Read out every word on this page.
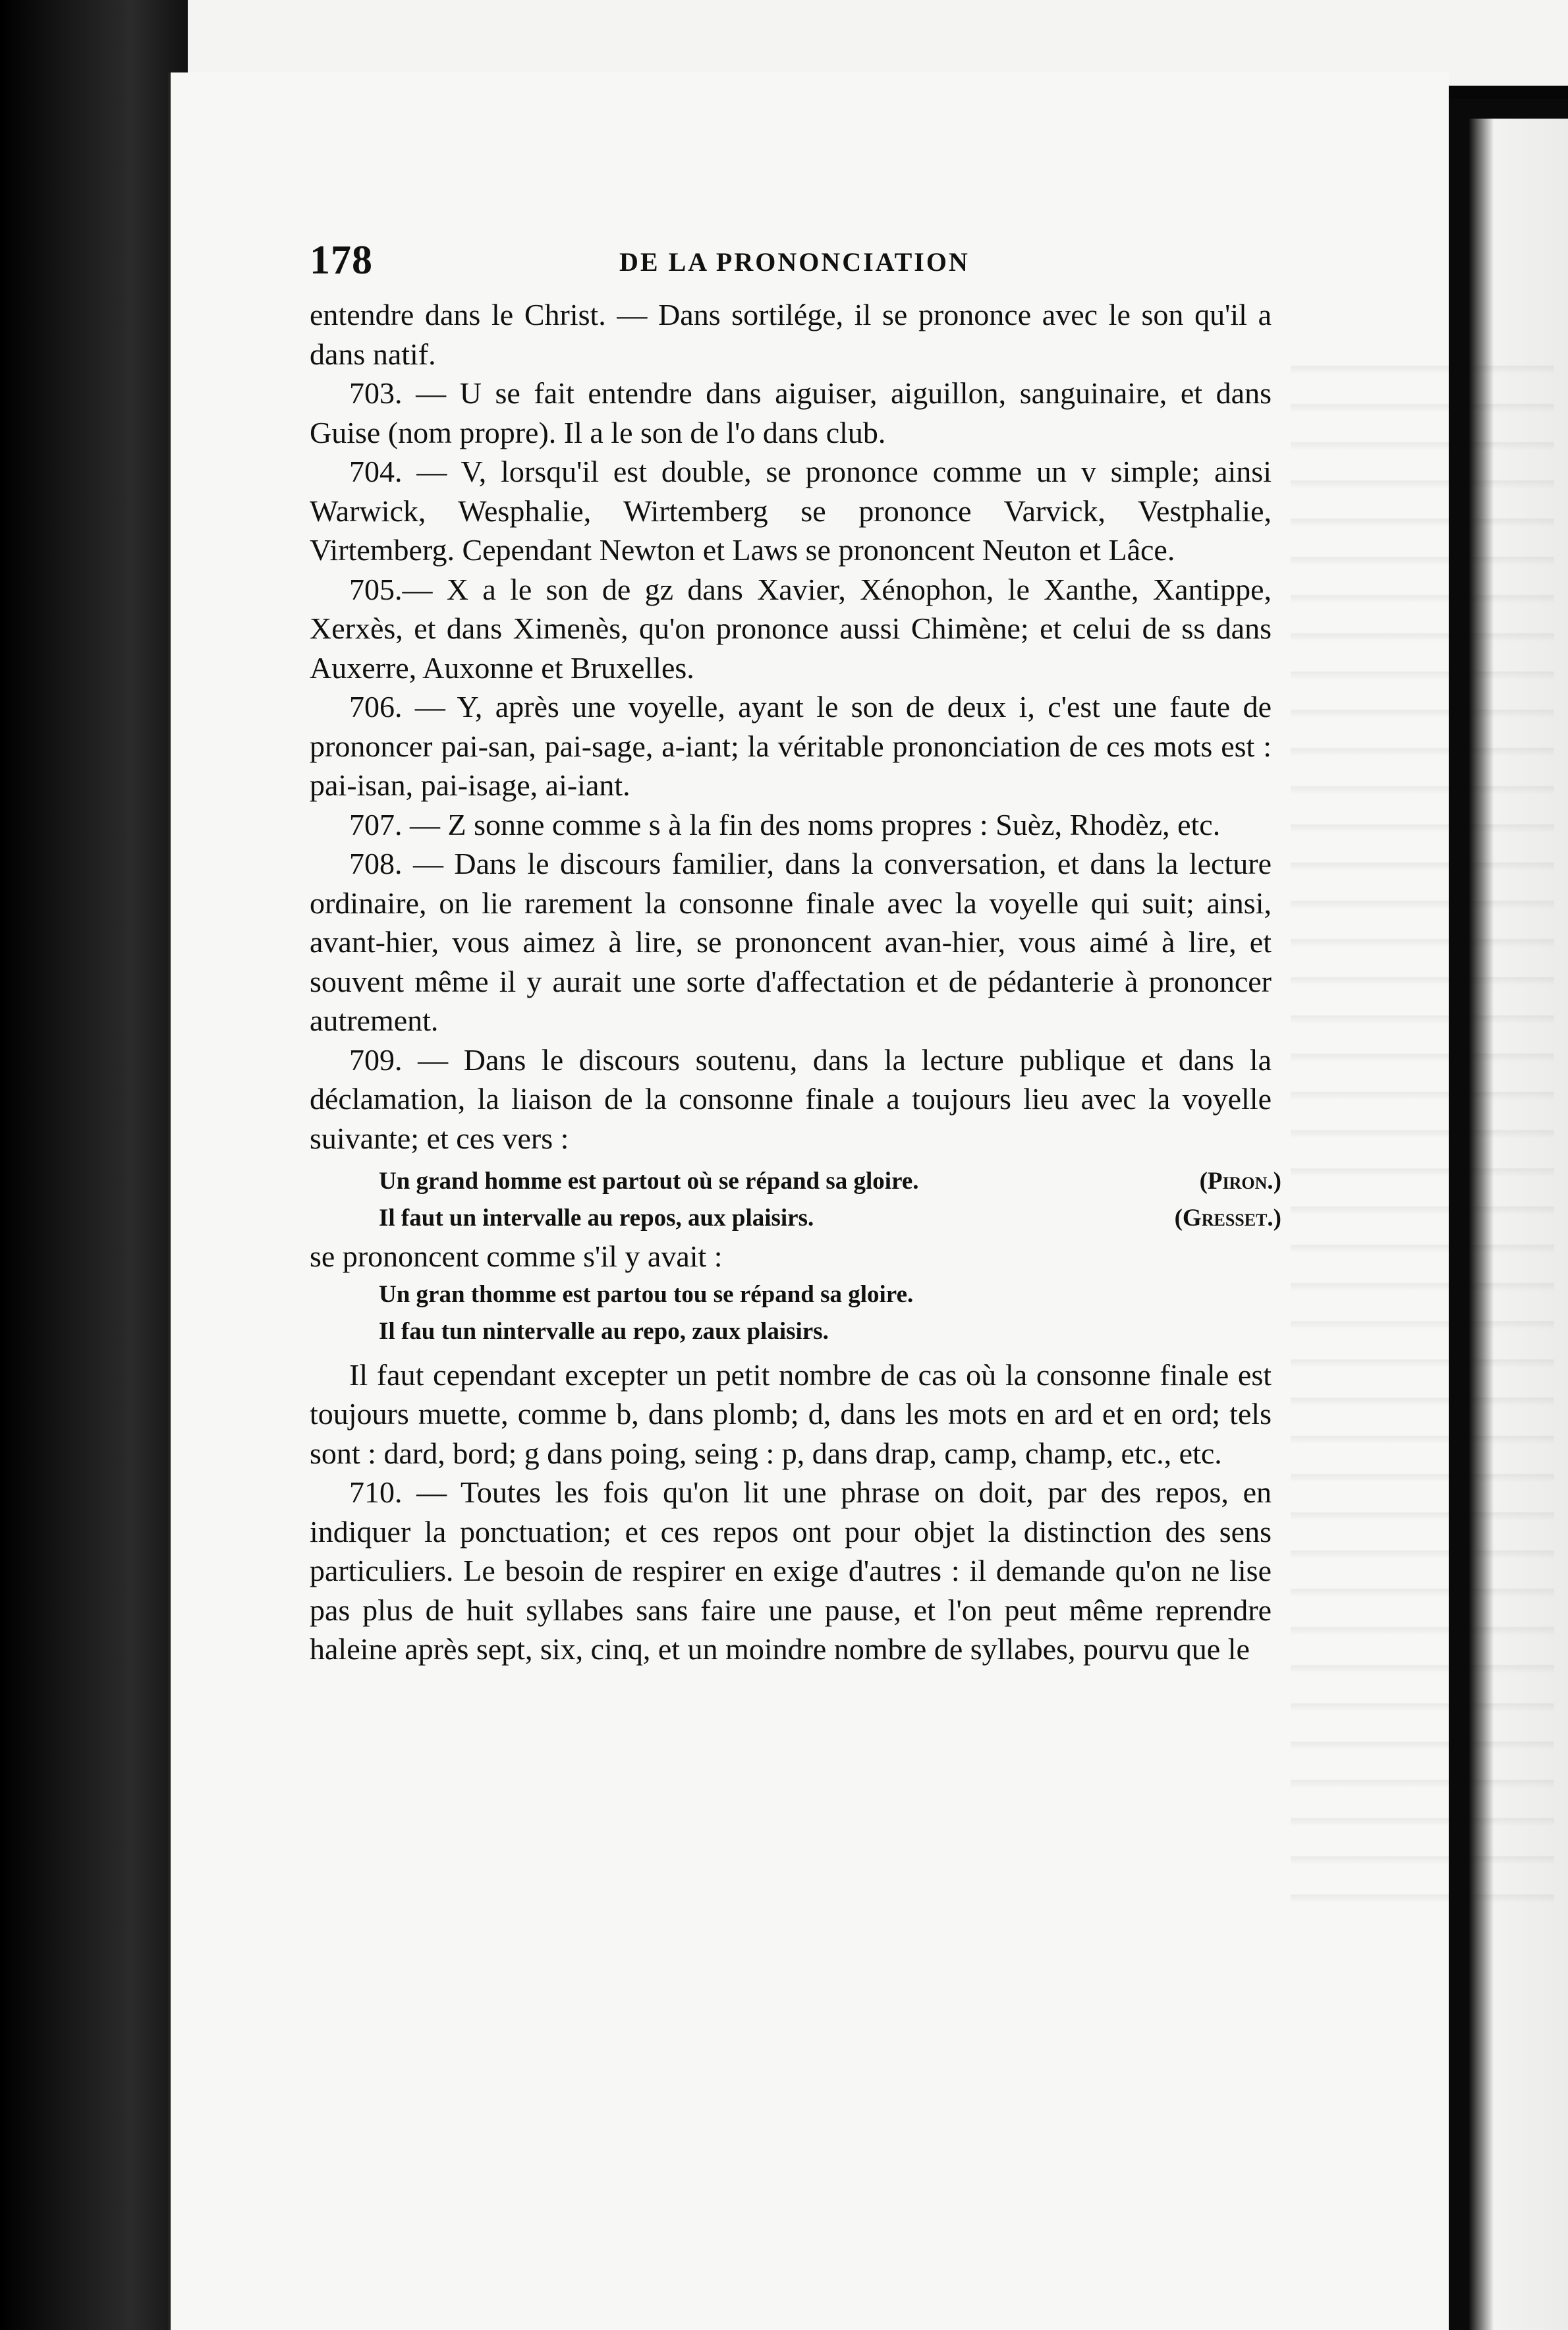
178	DE LA PRONONCIATION

entendre dans le Christ. — Dans sortilége, il se prononce avec le son qu'il a dans natif.

703. — U se fait entendre dans aiguiser, aiguillon, sanguinaire, et dans Guise (nom propre). Il a le son de l'o dans club.

704. — V, lorsqu'il est double, se prononce comme un v simple; ainsi Warwick, Wesphalie, Wirtemberg se prononce Varvick, Vestphalie, Virtemberg. Cependant Newton et Laws se prononcent Neuton et Lâce.

705.— X a le son de gz dans Xavier, Xénophon, le Xanthe, Xantippe, Xerxès, et dans Ximenès, qu'on prononce aussi Chimène; et celui de ss dans Auxerre, Auxonne et Bruxelles.

706. — Y, après une voyelle, ayant le son de deux i, c'est une faute de prononcer pai-san, pai-sage, a-iant; la véritable prononciation de ces mots est : pai-isan, pai-isage, ai-iant.

707. — Z sonne comme s à la fin des noms propres : Suèz, Rhodèz, etc.

708. — Dans le discours familier, dans la conversation, et dans la lecture ordinaire, on lie rarement la consonne finale avec la voyelle qui suit; ainsi, avant-hier, vous aimez à lire, se prononcent avan-hier, vous aimé à lire, et souvent même il y aurait une sorte d'affectation et de pédanterie à prononcer autrement.

709. — Dans le discours soutenu, dans la lecture publique et dans la déclamation, la liaison de la consonne finale a toujours lieu avec la voyelle suivante; et ces vers :

Un grand homme est partout où se répand sa gloire.	(Piron.)
Il faut un intervalle au repos, aux plaisirs.	(Gresset.)

se prononcent comme s'il y avait :

Un gran thomme est partou tou se répand sa gloire.
Il fau tun nintervalle au repo, zaux plaisirs.

Il faut cependant excepter un petit nombre de cas où la consonne finale est toujours muette, comme b, dans plomb; d, dans les mots en ard et en ord; tels sont : dard, bord; g dans poing, seing : p, dans drap, camp, champ, etc., etc.

710. — Toutes les fois qu'on lit une phrase on doit, par des repos, en indiquer la ponctuation; et ces repos ont pour objet la distinction des sens particuliers. Le besoin de respirer en exige d'autres : il demande qu'on ne lise pas plus de huit syllabes sans faire une pause, et l'on peut même reprendre haleine après sept, six, cinq, et un moindre nombre de syllabes, pourvu que le
